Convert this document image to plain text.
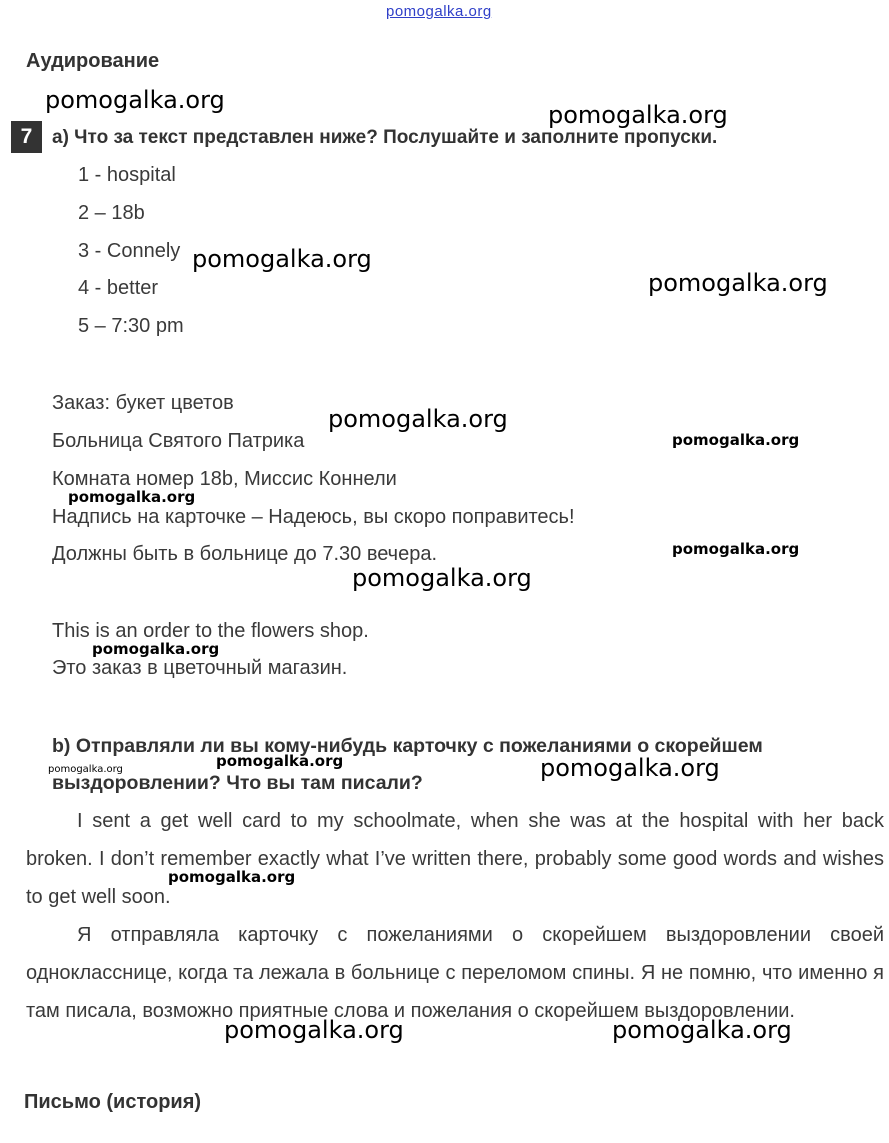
pomogalka.org
Аудирование
7	а) Что за текст представлен ниже? Послушайте и заполните пропуски.
1 - hospital
2 – 18b
3 - Connely
4 - better
5 – 7:30 pm
Заказ: букет цветов
Больница Святого Патрика
Комната номер 18b, Миссис Коннели
Надпись на карточке – Надеюсь, вы скоро поправитесь!
Должны быть в больнице до 7.30 вечера.
This is an order to the flowers shop.
Это заказ в цветочный магазин.
b) Отправляли ли вы кому-нибудь карточку с пожеланиями о скорейшем
выздоровлении? Что вы там писали?
I sent a get well card to my schoolmate, when she was at the hospital with her back broken. I don’t remember exactly what I’ve written there, probably some good words and wishes to get well soon.
Я отправляла карточку с пожеланиями о скорейшем выздоровлении своей однокласснице, когда та лежала в больнице с переломом спины. Я не помню, что именно я там писала, возможно приятные слова и пожелания о скорейшем выздоровлении.
Письмо (история)
pomogalka.org
pomogalka.org
pomogalka.org
pomogalka.org
pomogalka.org
pomogalka.org
pomogalka.org
pomogalka.org
pomogalka.org
pomogalka.org
pomogalka.org	pomogalka.org	pomogalka.org
pomogalka.org
pomogalka.org	pomogalka.org
